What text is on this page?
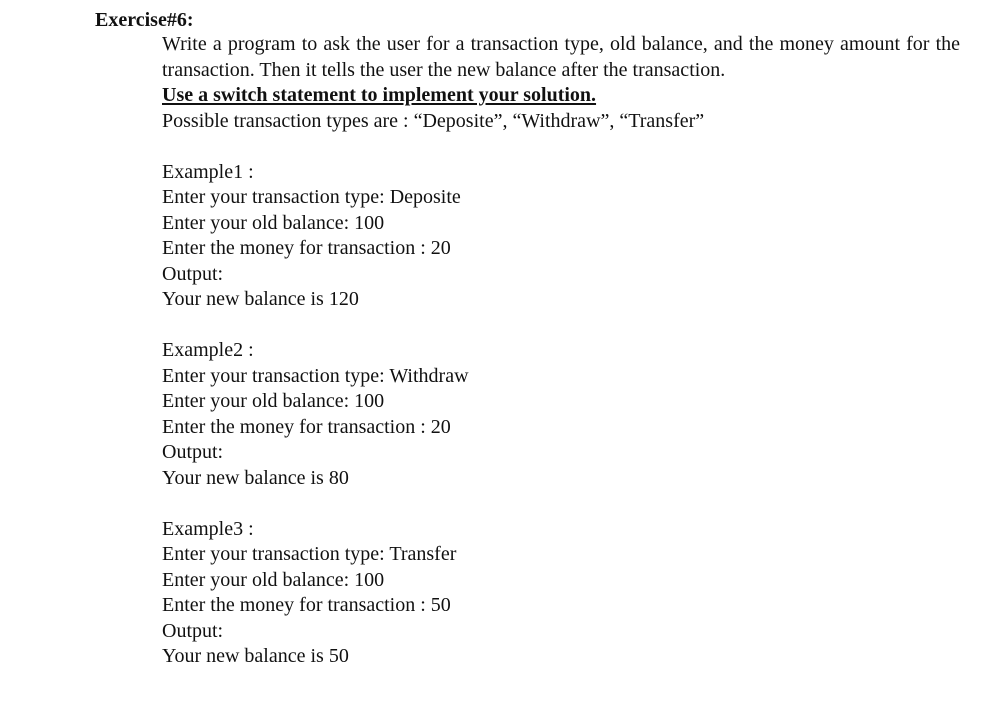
Exercise#6:

Write a program to ask the user for a transaction type, old balance, and the money amount for the transaction. Then it tells the user the new balance after the transaction.

Use a switch statement to implement your solution.
Possible transaction types are : “Deposite”, “Withdraw”, “Transfer”
Example1 :
Enter your transaction type: Deposite
Enter your old balance: 100
Enter the money for transaction : 20
Output:
Your new balance is 120
Example2 :
Enter your transaction type: Withdraw
Enter your old balance: 100
Enter the money for transaction : 20
Output:
Your new balance is 80
Example3 :
Enter your transaction type: Transfer
Enter your old balance: 100
Enter the money for transaction : 50
Output:
Your new balance is 50
